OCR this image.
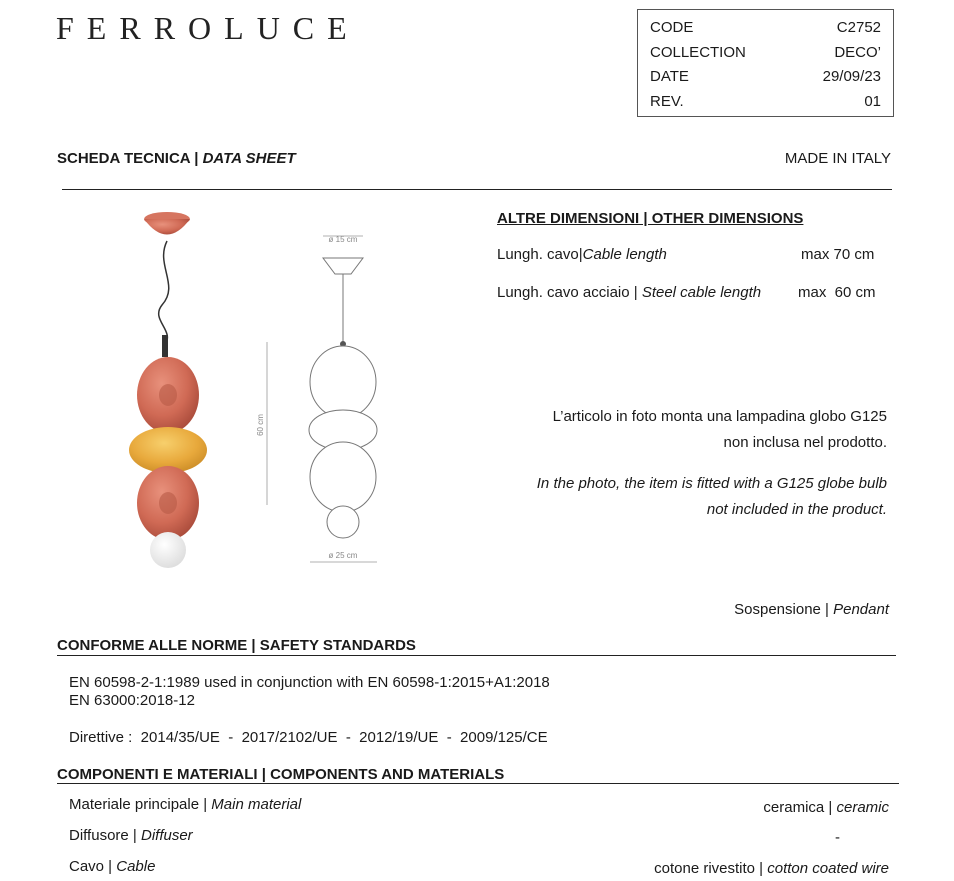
FERROLUCE	CODE	C2752
COLLECTION	DECO’
DATE	29/09/23
REV.	01
SCHEDA TECNICA | DATA SHEET	MADE IN ITALY
ø 15 cm
60 cm
ø 25 cm
ALTRE DIMENSIONI | OTHER DIMENSIONS
Lungh. cavo|Cable length	max 70 cm
Lungh. cavo acciaio | Steel cable length max  60 cm
L’articolo in foto monta una lampadina globo G125
non inclusa nel prodotto.
In the photo, the item is fitted with a G125 globe bulb
not included in the product.
Sospensione | Pendant
CONFORME ALLE NORME | SAFETY STANDARDS
EN 60598-2-1:1989 used in conjunction with EN 60598-1:2015+A1:2018
EN 63000:2018-12
Direttive :  2014/35/UE  -  2017/2102/UE  -  2012/19/UE  -  2009/125/CE
COMPONENTI E MATERIALI | COMPONENTS AND MATERIALS
Materiale principale | Main material	ceramica | ceramic
Diffusore | Diffuser	-
Cavo | Cable	cotone rivestito | cotton coated wire
